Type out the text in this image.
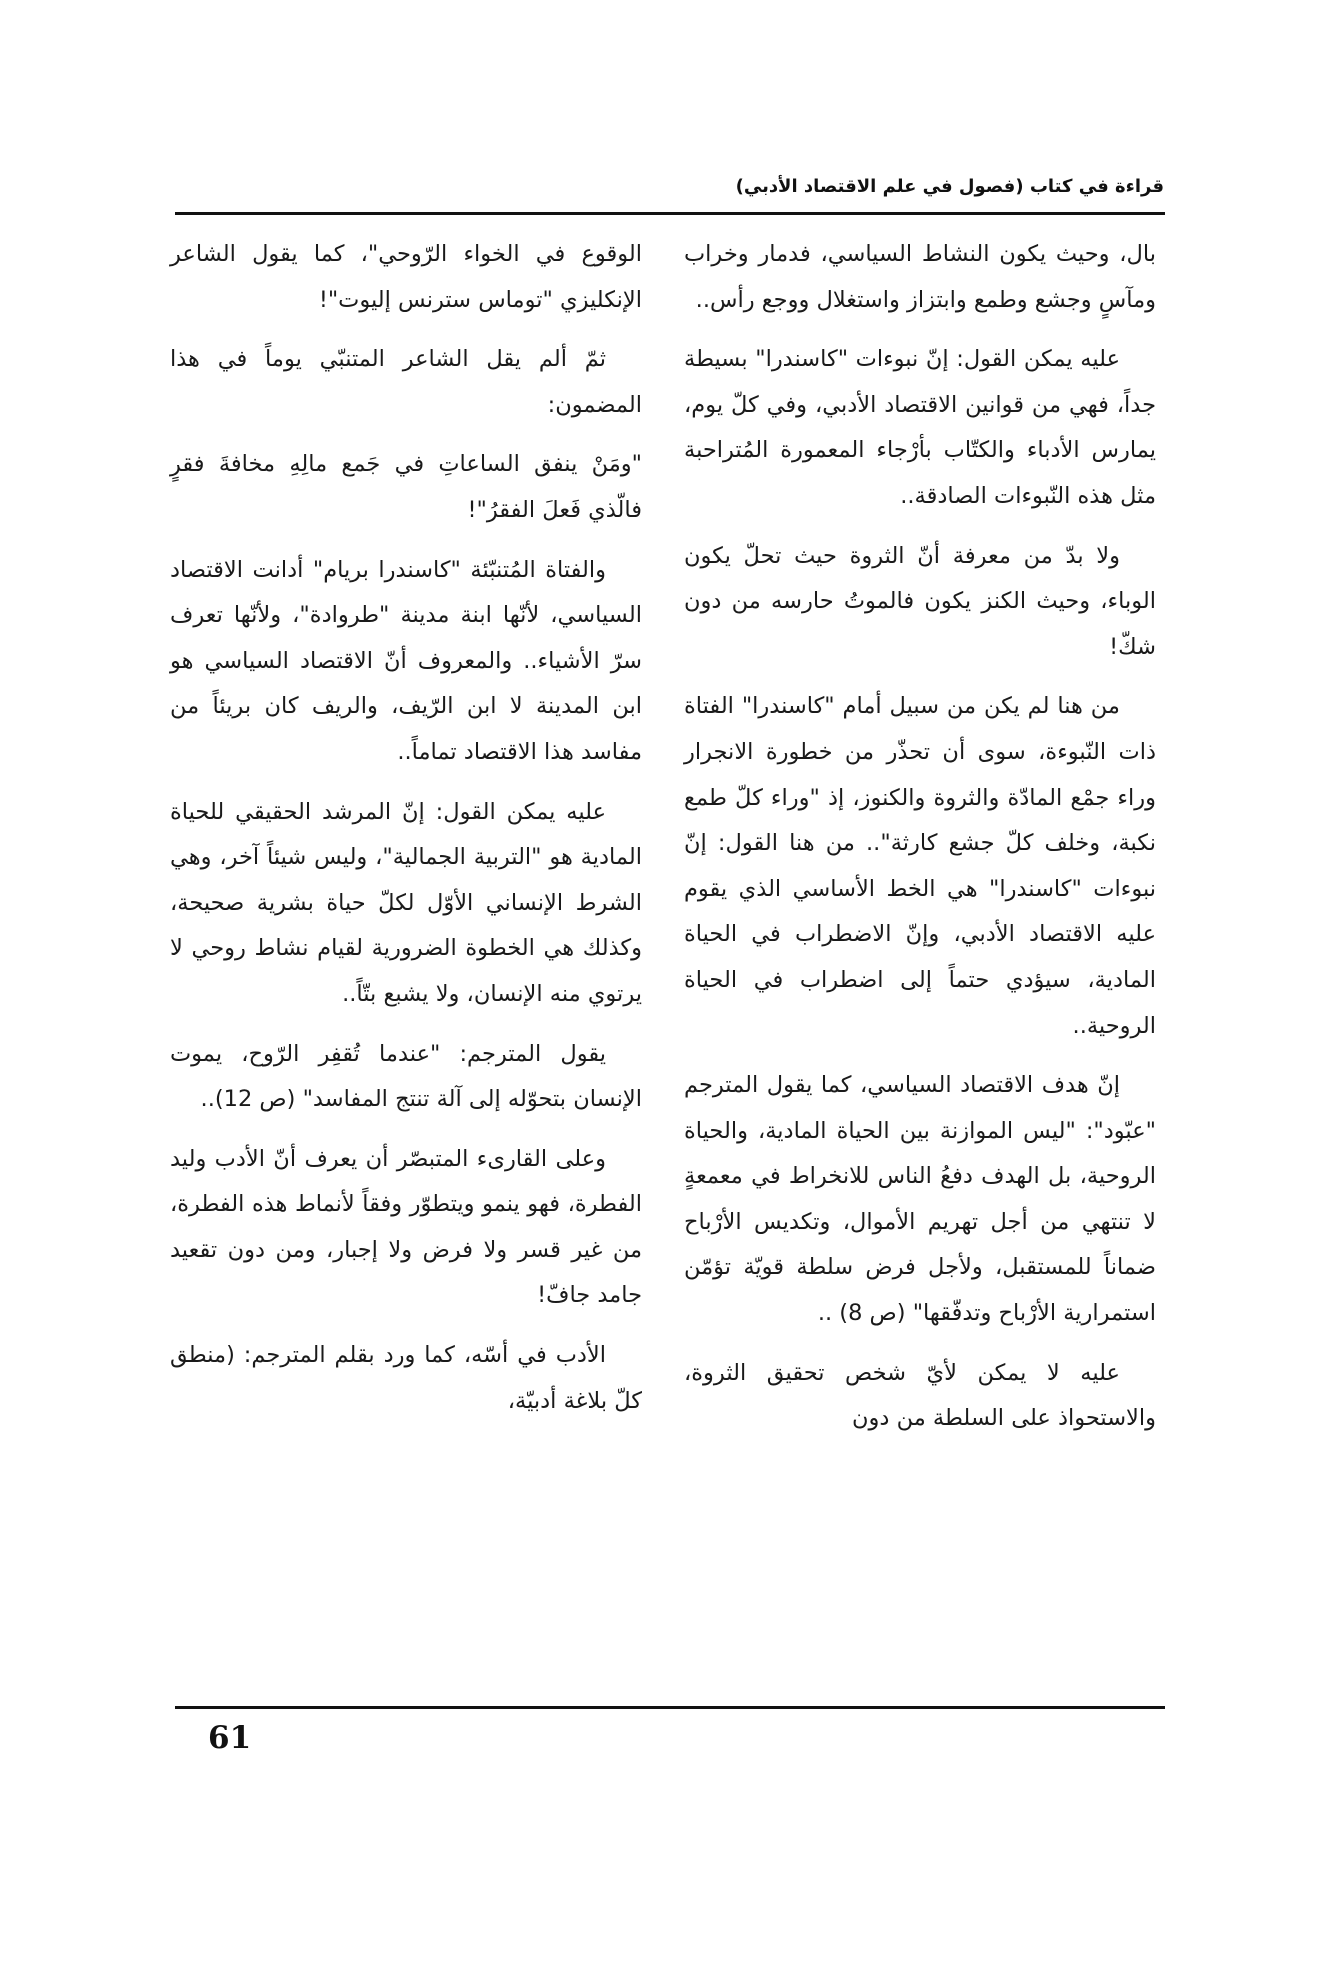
قراءة في كتاب (فصول في علم الاقتصاد الأدبي)

بال، وحيث يكون النشاط السياسي، فدمار وخراب ومآسٍ وجشع وطمع وابتزاز واستغلال ووجع رأس..

عليه يمكن القول: إنّ نبوءات "كاسندرا" بسيطة جداً، فهي من قوانين الاقتصاد الأدبي، وفي كلّ يوم، يمارس الأدباء والكتّاب بأرْجاء المعمورة المُتراحبة مثل هذه النّبوءات الصادقة..

ولا بدّ من معرفة أنّ الثروة حيث تحلّ يكون الوباء، وحيث الكنز يكون فالموتُ حارسه من دون شكّ!

من هنا لم يكن من سبيل أمام "كاسندرا" الفتاة ذات النّبوءة، سوى أن تحذّر من خطورة الانجرار وراء جمْع المادّة والثروة والكنوز، إذ "وراء كلّ طمع نكبة، وخلف كلّ جشع كارثة".. من هنا القول: إنّ نبوءات "كاسندرا" هي الخط الأساسي الذي يقوم عليه الاقتصاد الأدبي، وإنّ الاضطراب في الحياة المادية، سيؤدي حتماً إلى اضطراب في الحياة الروحية..

إنّ هدف الاقتصاد السياسي، كما يقول المترجم "عبّود": "ليس الموازنة بين الحياة المادية، والحياة الروحية، بل الهدف دفعُ الناس للانخراط في معمعةٍ لا تنتهي من أجل تهريم الأموال، وتكديس الأرْباح ضماناً للمستقبل، ولأجل فرض سلطة قويّة تؤمّن استمرارية الأرْباح وتدفّقها" (ص 8) ..

عليه لا يمكن لأيّ شخص تحقيق الثروة، والاستحواذ على السلطة من دون

الوقوع في الخواء الرّوحي"، كما يقول الشاعر الإنكليزي "توماس سترنس إليوت"!

ثمّ ألم يقل الشاعر المتنبّي يوماً في هذا المضمون:

"ومَنْ ينفق الساعاتِ في جَمع مالِهِ مخافةَ فقرٍ فالّذي فَعلَ الفقرُ"!

والفتاة المُتنبّئة "كاسندرا بريام" أدانت الاقتصاد السياسي، لأنّها ابنة مدينة "طروادة"، ولأنّها تعرف سرّ الأشياء.. والمعروف أنّ الاقتصاد السياسي هو ابن المدينة لا ابن الرّيف، والريف كان بريئاً من مفاسد هذا الاقتصاد تماماً..

عليه يمكن القول: إنّ المرشد الحقيقي للحياة المادية هو "التربية الجمالية"، وليس شيئاً آخر، وهي الشرط الإنساني الأوّل لكلّ حياة بشرية صحيحة، وكذلك هي الخطوة الضرورية لقيام نشاط روحي لا يرتوي منه الإنسان، ولا يشبع بتّاً..

يقول المترجم: "عندما تُقفِر الرّوح، يموت الإنسان بتحوّله إلى آلة تنتج المفاسد" (ص 12)..

وعلى القارىء المتبصّر أن يعرف أنّ الأدب وليد الفطرة، فهو ينمو ويتطوّر وفقاً لأنماط هذه الفطرة، من غير قسر ولا فرض ولا إجبار، ومن دون تقعيد جامد جافّ!

الأدب في أسّه، كما ورد بقلم المترجم: (منطق كلّ بلاغة أدبيّة،

61
